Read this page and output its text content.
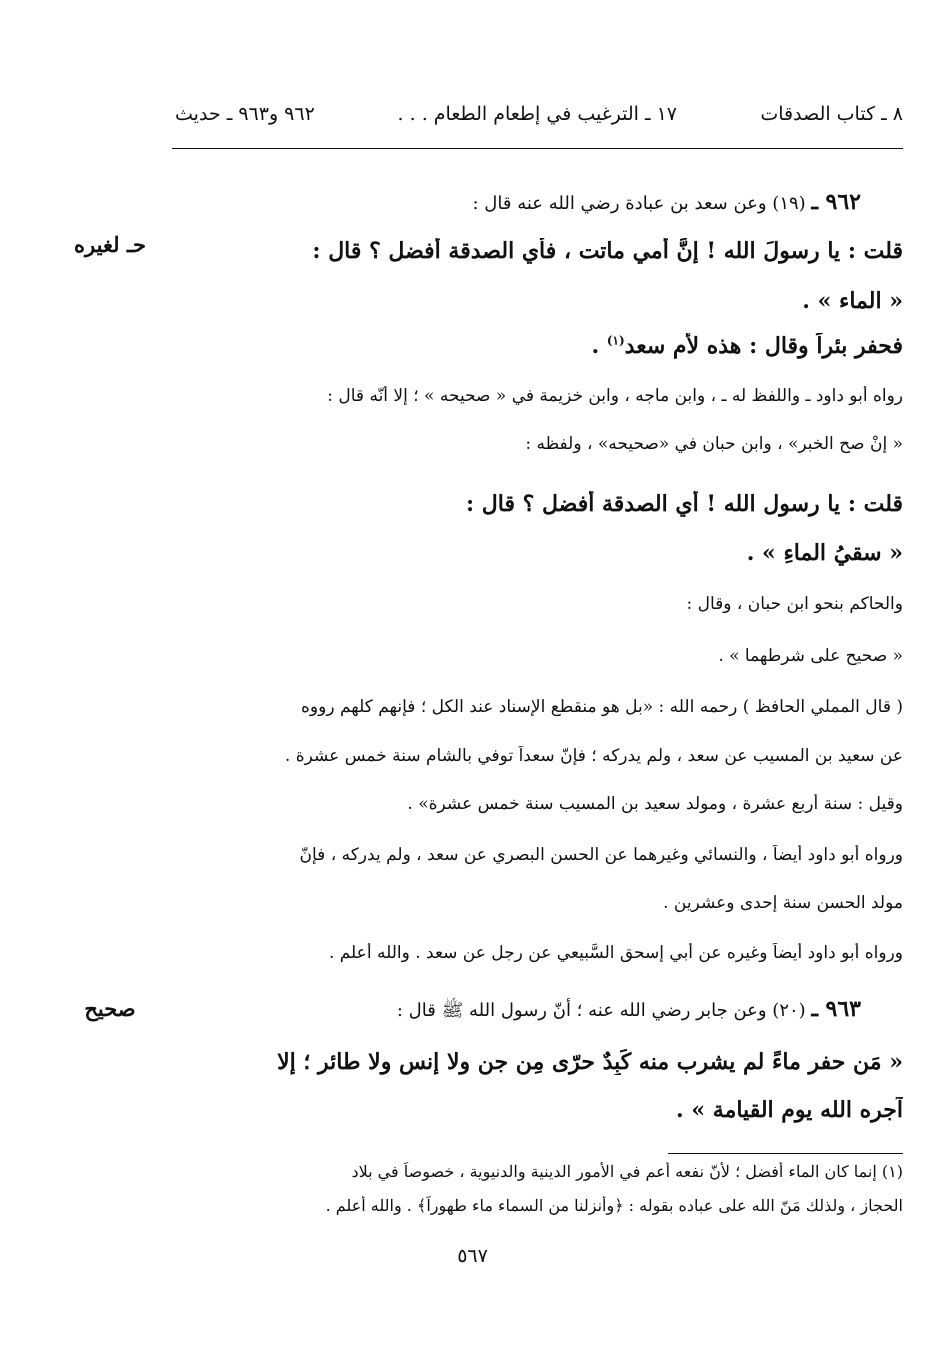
٨ ـ كتاب الصدقات
١٧ ـ الترغيب في إطعام الطعام . . .
٩٦٢ و٩٦٣ ـ حديث
حـ لغيره
صحيح
٩٦٢ ـ (١٩) وعن سعد بن عبادة رضي الله عنه قال :
قلت : يا رسولَ الله ! إنَّ أمي ماتت ، فأي الصدقة أفضل ؟ قال :
« الماء » .
فحفر بئراً وقال : هذه لأم سعد$^{(١)}$ .
رواه أبو داود ـ واللفظ له ـ ، وابن ماجه ، وابن خزيمة في « صحيحه » ؛ إلا أنّه قال :
« إنْ صح الخبر» ، وابن حبان في «صحيحه» ، ولفظه :
قلت : يا رسول الله ! أي الصدقة أفضل ؟ قال :
« سقيُ الماءِ » .
والحاكم بنحو ابن حبان ، وقال :
« صحيح على شرطهما » .
( قال المملي الحافظ ) رحمه الله : «بل هو منقطع الإسناد عند الكل ؛ فإنهم كلهم رووه
عن سعيد بن المسيب عن سعد ، ولم يدركه ؛ فإنّ سعداً توفي بالشام سنة خمس عشرة .
وقيل : سنة أربع عشرة ، ومولد سعيد بن المسيب سنة خمس عشرة» .
ورواه أبو داود أيضاً ، والنسائي وغيرهما عن الحسن البصري عن سعد ، ولم يدركه ، فإنّ
مولد الحسن سنة إحدى وعشرين .
ورواه أبو داود أيضاً وغيره عن أبي إسحق السَّبيعي عن رجل عن سعد . والله أعلم .
٩٦٣ ـ (٢٠) وعن جابر رضي الله عنه ؛ أنّ رسول الله ﷺ قال :
« مَن حفر ماءً لم يشرب منه كَبِدٌ حرّى مِن جن ولا إنس ولا طائر ؛ إلا
آجره الله يوم القيامة » .
(١) إنما كان الماء أفضل ؛ لأنّ نفعه أعم في الأمور الدينية والدنيوية ، خصوصاً في بلاد
الحجاز ، ولذلك مَنّ الله على عباده بقوله : ﴿وأنزلنا من السماء ماء طهوراً﴾ . والله أعلم .
٥٦٧
